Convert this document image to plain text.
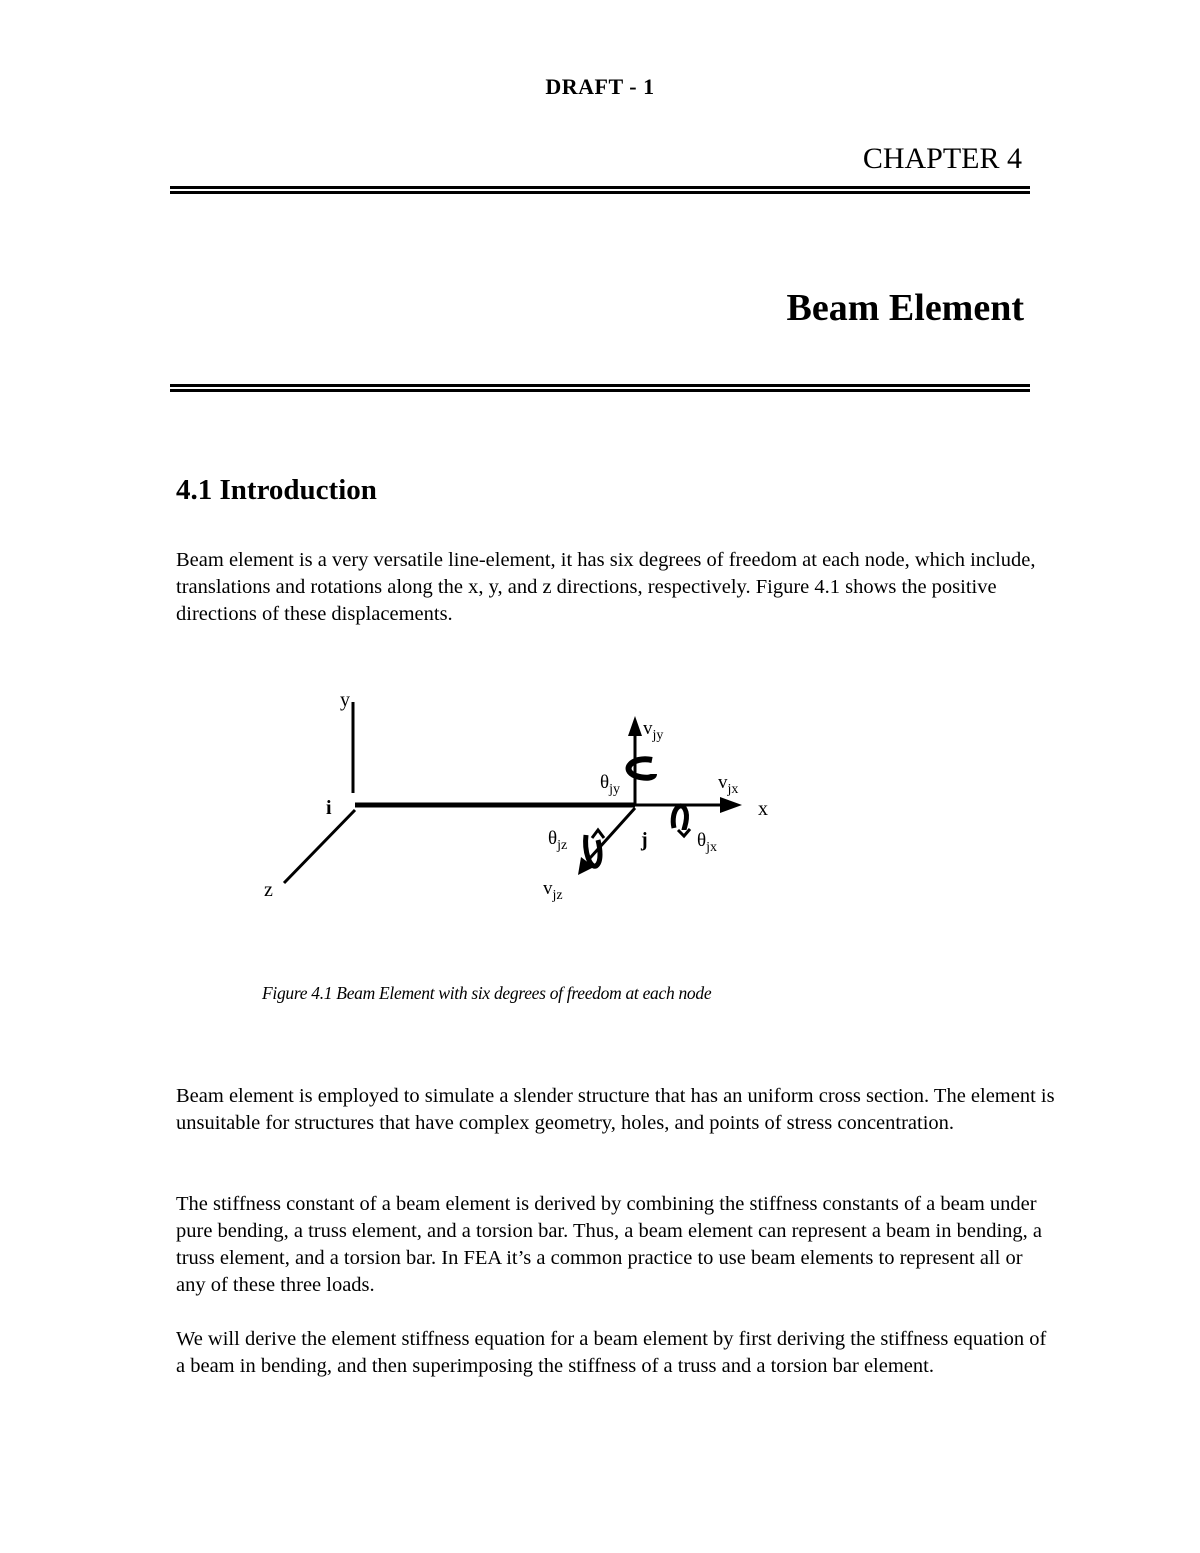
DRAFT - 1
CHAPTER 4
Beam Element
4.1 Introduction

Beam element is a very versatile line-element, it has six degrees of freedom at each node, which include, translations and rotations along the x, y, and z directions, respectively. Figure 4.1 shows the positive directions of these displacements.

y
z
x
i
j
$v_{jy}$
$\theta_{jy}$	$v_{jx}$
$\theta_{jx}$
$\theta_{jz}$
$v_{jz}$
Figure 4.1 Beam Element with six degrees of freedom at each node

Beam element is employed to simulate a slender structure that has an uniform cross section. The element is unsuitable for structures that have complex geometry, holes, and points of stress concentration.

The stiffness constant of a beam element is derived by combining the stiffness constants of a beam under pure bending, a truss element, and a torsion bar. Thus, a beam element can represent a beam in bending, a truss element, and a torsion bar. In FEA it’s a common practice to use beam elements to represent all or any of these three loads.

We will derive the element stiffness equation for a beam element by first deriving the stiffness equation of a beam in bending, and then superimposing the stiffness of a truss and a torsion bar element.
